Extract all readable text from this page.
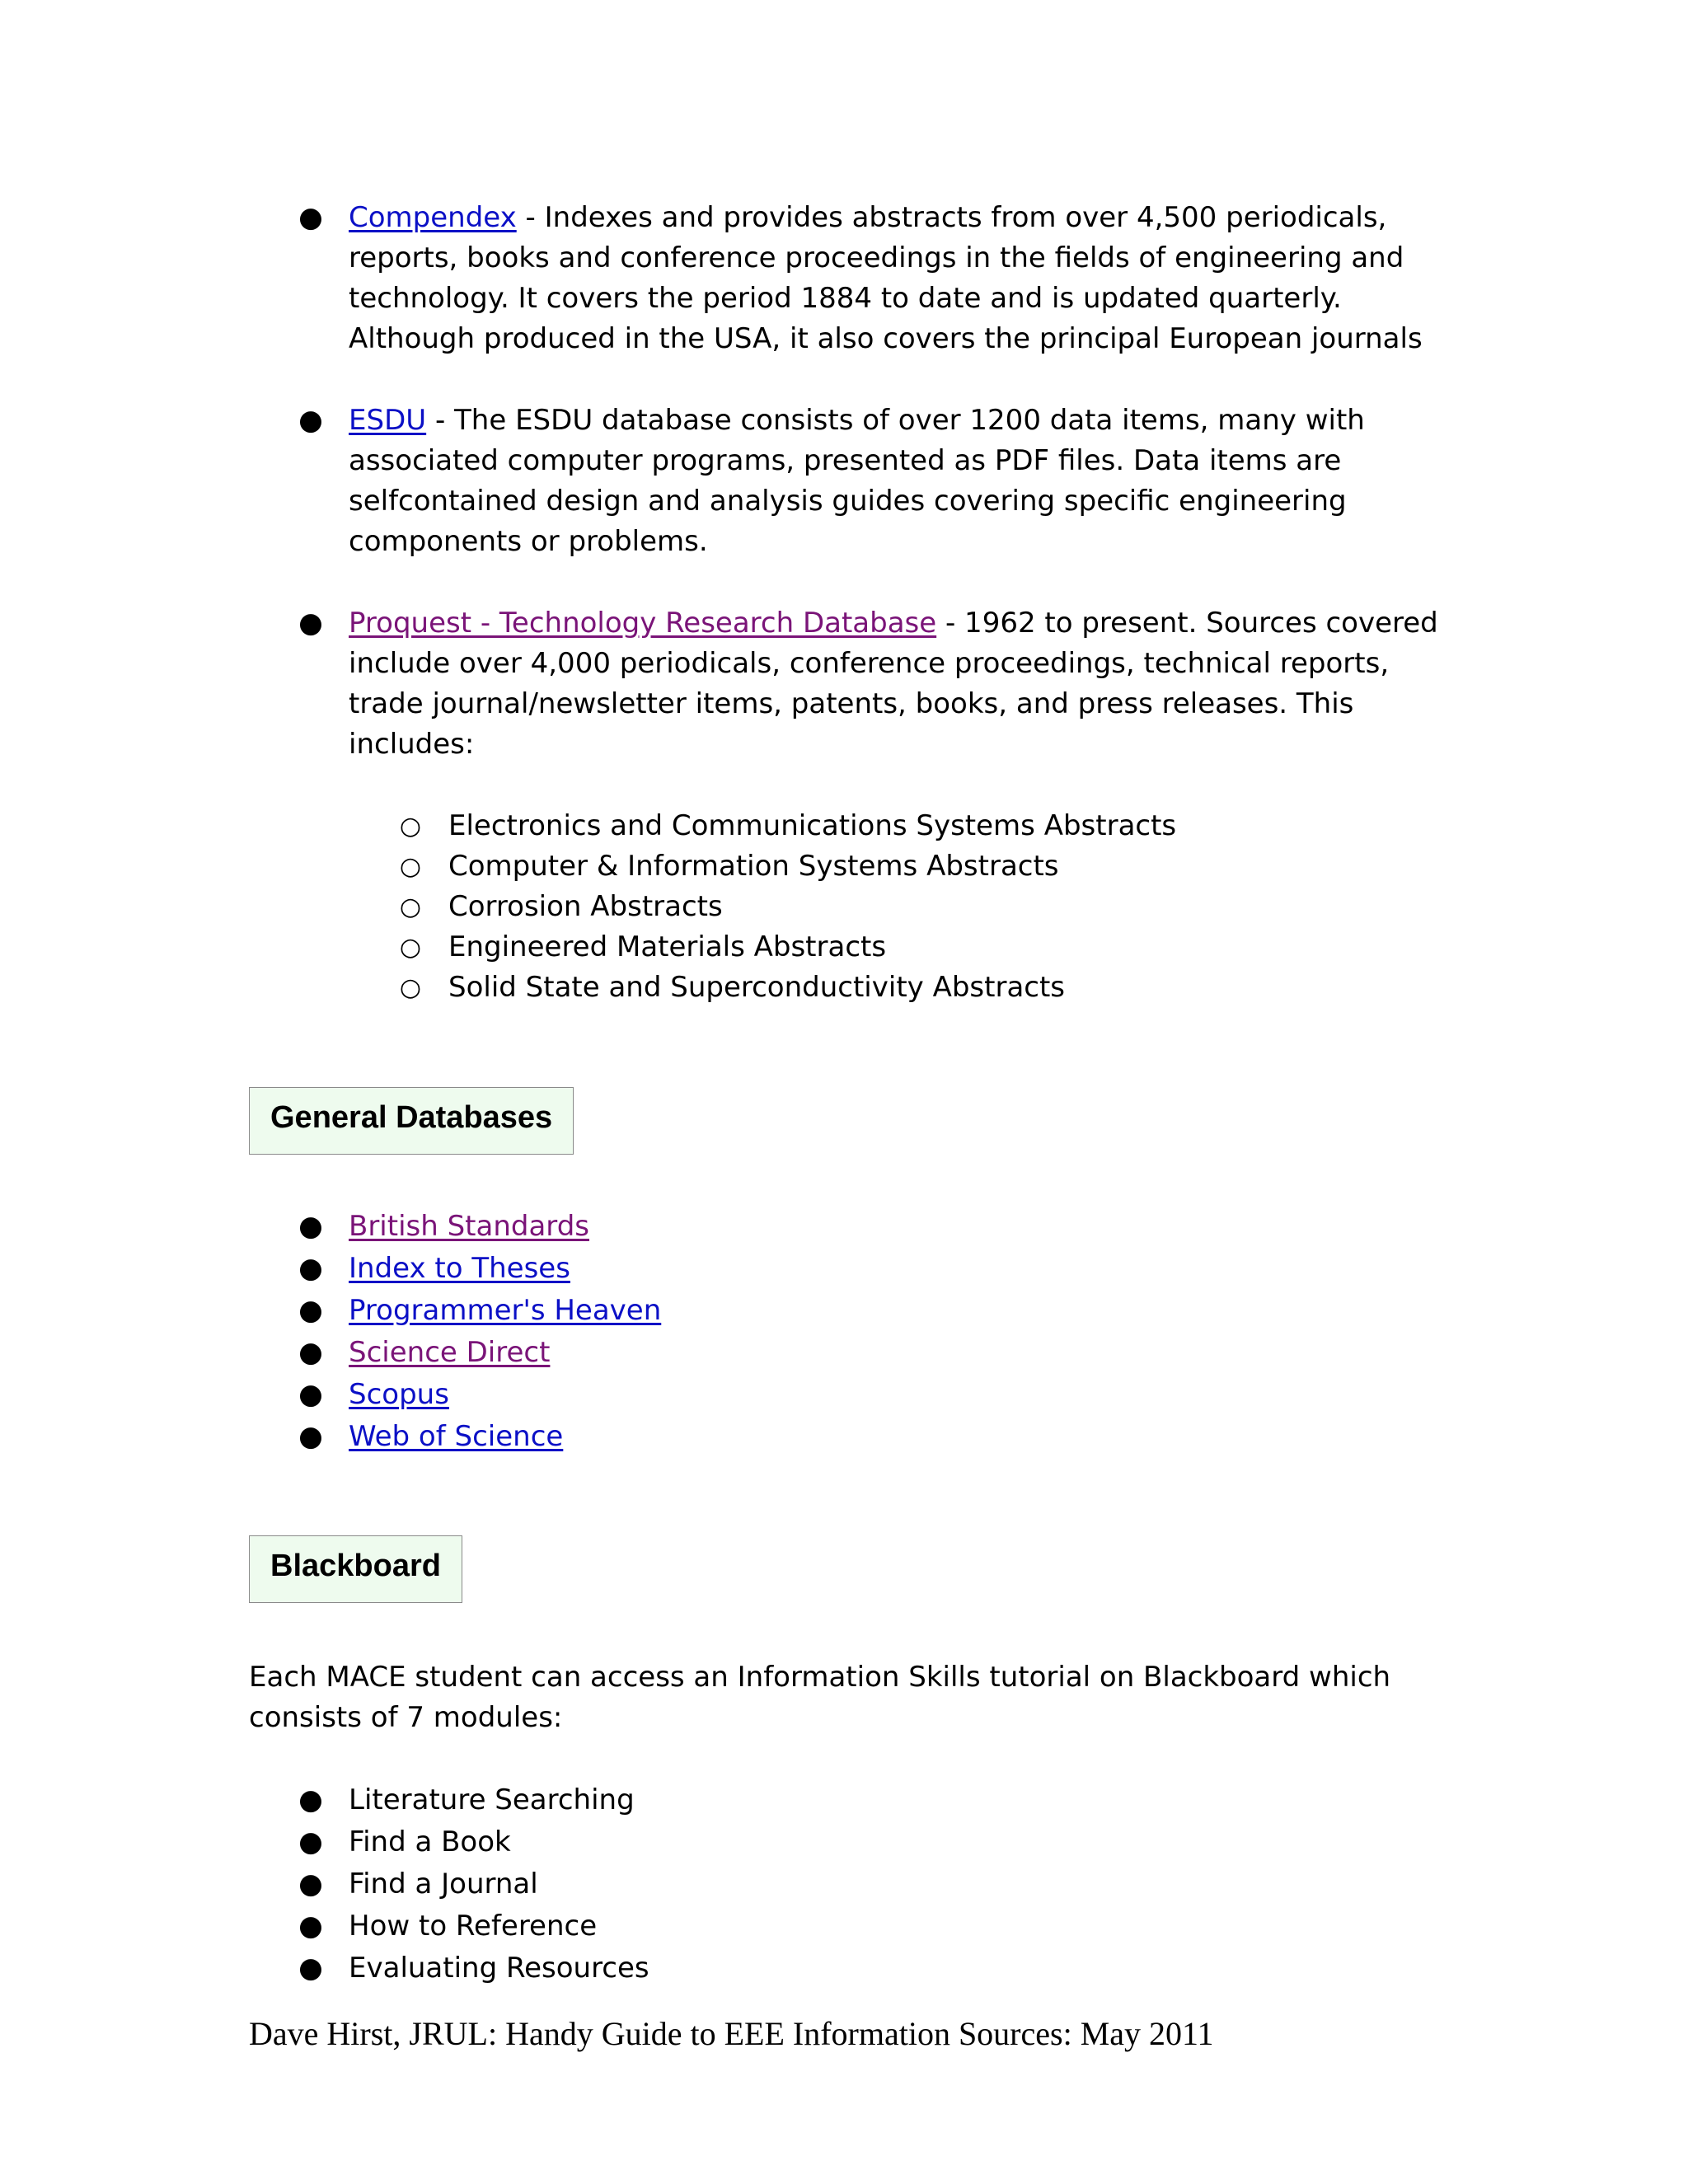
● Compendex - Indexes and provides abstracts from over 4,500 periodicals, reports, books and conference proceedings in the fields of engineering and technology. It covers the period 1884 to date and is updated quarterly. Although produced in the USA, it also covers the principal European journals
● ESDU - The ESDU database consists of over 1200 data items, many with associated computer programs, presented as PDF files. Data items are selfcontained design and analysis guides covering specific engineering components or problems.
● Proquest - Technology Research Database - 1962 to present. Sources covered include over 4,000 periodicals, conference proceedings, technical reports, trade journal/newsletter items, patents, books, and press releases. This includes:
○ Electronics and Communications Systems Abstracts
○ Computer & Information Systems Abstracts
○ Corrosion Abstracts
○ Engineered Materials Abstracts
○ Solid State and Superconductivity Abstracts
General Databases
● British Standards
● Index to Theses
● Programmer's Heaven
● Science Direct
● Scopus
● Web of Science
Blackboard

Each MACE student can access an Information Skills tutorial on Blackboard which consists of 7 modules:

● Literature Searching
● Find a Book
● Find a Journal
● How to Reference
● Evaluating Resources
Dave Hirst, JRUL: Handy Guide to EEE Information Sources: May 2011
